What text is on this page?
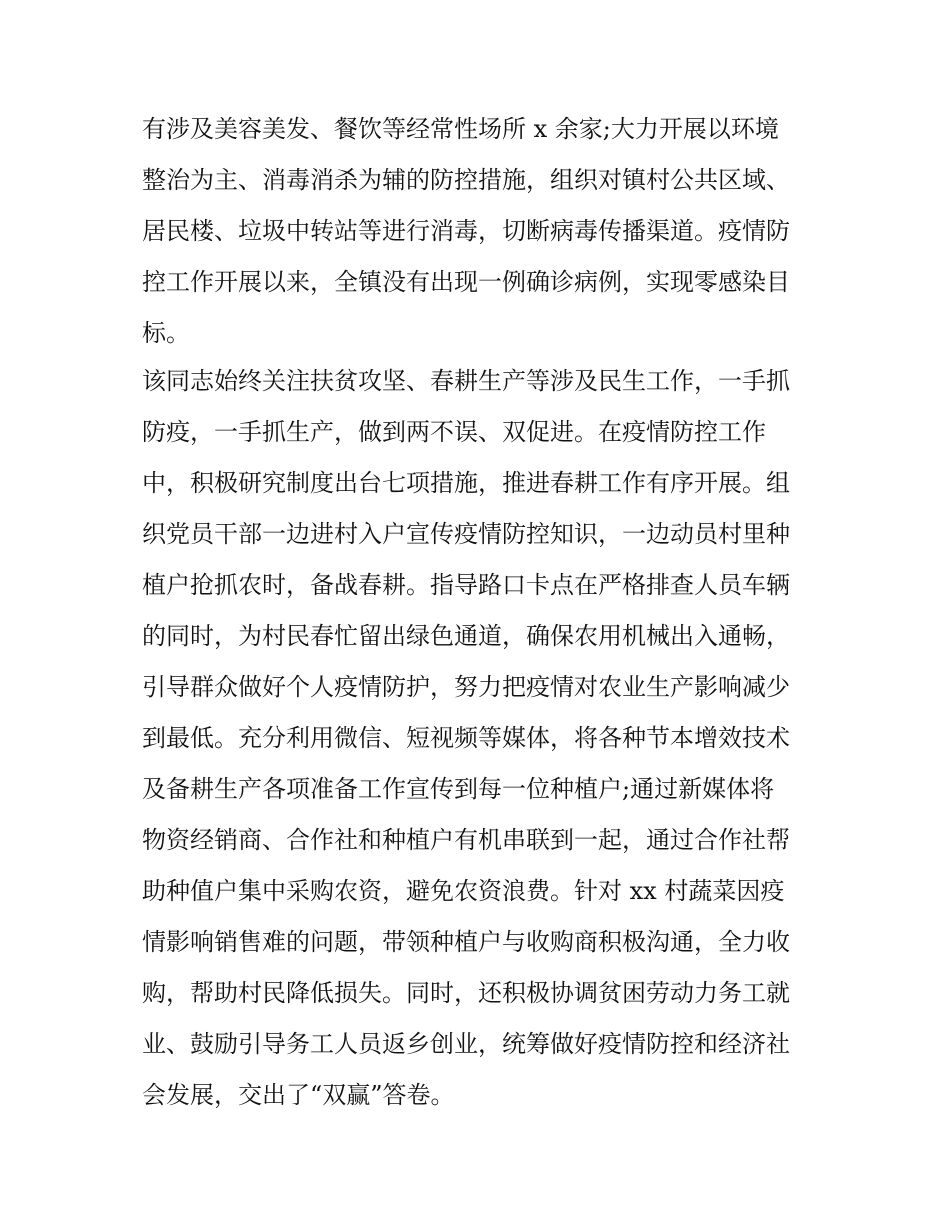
有涉及美容美发、餐饮等经常性场所 x 余家;大力开展以环境
整治为主、消毒消杀为辅的防控措施，组织对镇村公共区域、
居民楼、垃圾中转站等进行消毒，切断病毒传播渠道。疫情防
控工作开展以来，全镇没有出现一例确诊病例，实现零感染目
标。
该同志始终关注扶贫攻坚、春耕生产等涉及民生工作，一手抓
防疫，一手抓生产，做到两不误、双促进。在疫情防控工作
中，积极研究制度出台七项措施，推进春耕工作有序开展。组
织党员干部一边进村入户宣传疫情防控知识，一边动员村里种
植户抢抓农时，备战春耕。指导路口卡点在严格排查人员车辆
的同时，为村民春忙留出绿色通道，确保农用机械出入通畅，
引导群众做好个人疫情防护，努力把疫情对农业生产影响减少
到最低。充分利用微信、短视频等媒体，将各种节本增效技术
及备耕生产各项准备工作宣传到每一位种植户;通过新媒体将
物资经销商、合作社和种植户有机串联到一起，通过合作社帮
助种值户集中采购农资，避免农资浪费。针对 xx 村蔬菜因疫
情影响销售难的问题，带领种植户与收购商积极沟通，全力收
购，帮助村民降低损失。同时，还积极协调贫困劳动力务工就
业、鼓励引导务工人员返乡创业，统筹做好疫情防控和经济社
会发展，交出了“双赢”答卷。
